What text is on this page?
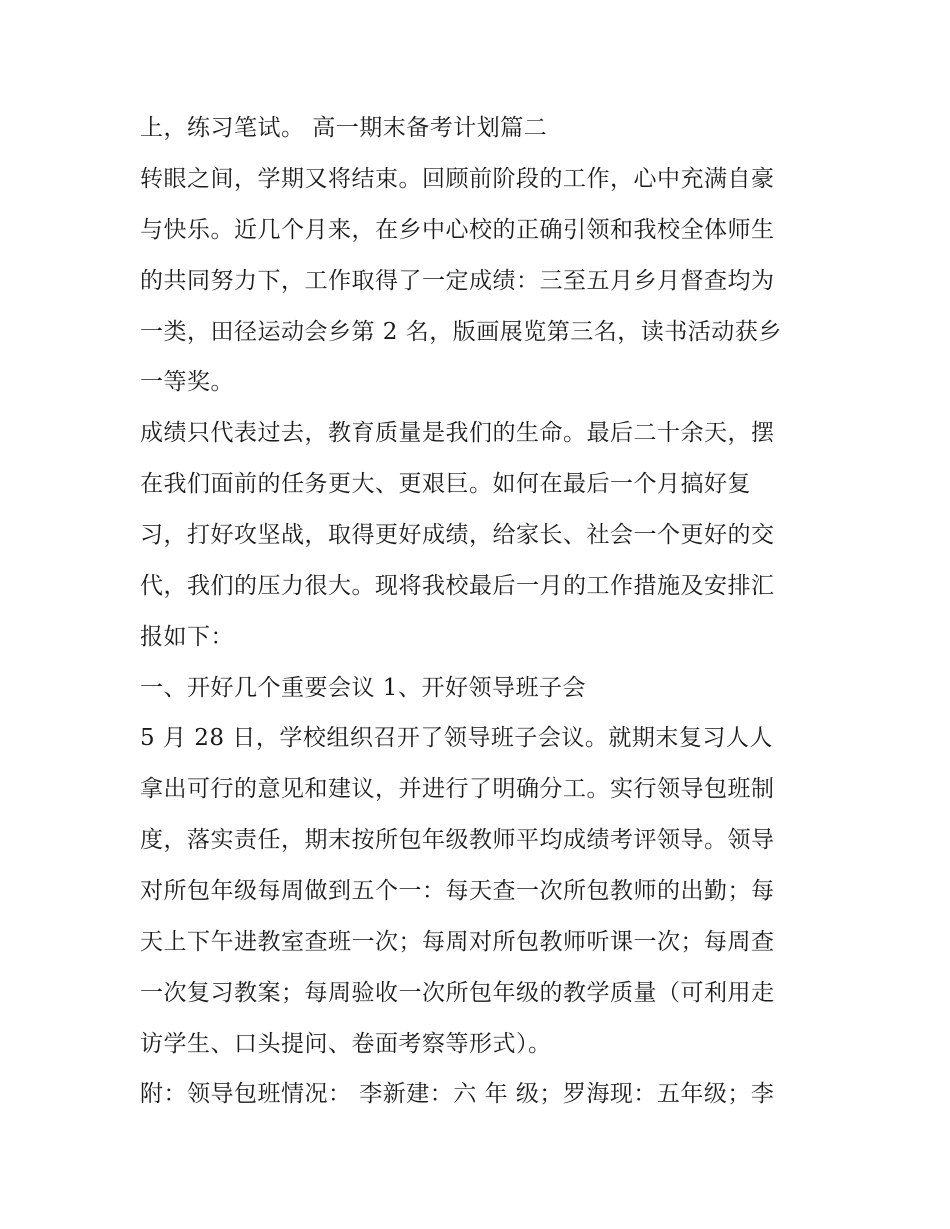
上，练习笔试。 高一期末备考计划篇二
转眼之间，学期又将结束。回顾前阶段的工作，心中充满自豪
与快乐。近几个月来，在乡中心校的正确引领和我校全体师生
的共同努力下，工作取得了一定成绩：三至五月乡月督查均为
一类，田径运动会乡第 2 名，版画展览第三名，读书活动获乡
一等奖。
成绩只代表过去，教育质量是我们的生命。最后二十余天，摆
在我们面前的任务更大、更艰巨。如何在最后一个月搞好复
习，打好攻坚战，取得更好成绩，给家长、社会一个更好的交
代，我们的压力很大。现将我校最后一月的工作措施及安排汇
报如下：
一、开好几个重要会议 1、开好领导班子会
5 月 28 日，学校组织召开了领导班子会议。就期末复习人人
拿出可行的意见和建议，并进行了明确分工。实行领导包班制
度，落实责任，期末按所包年级教师平均成绩考评领导。领导
对所包年级每周做到五个一：每天查一次所包教师的出勤；每
天上下午进教室查班一次；每周对所包教师听课一次；每周查
一次复习教案；每周验收一次所包年级的教学质量（可利用走
访学生、口头提问、卷面考察等形式）。
附：领导包班情况： 李新建：六 年 级；罗海现：五年级；李
